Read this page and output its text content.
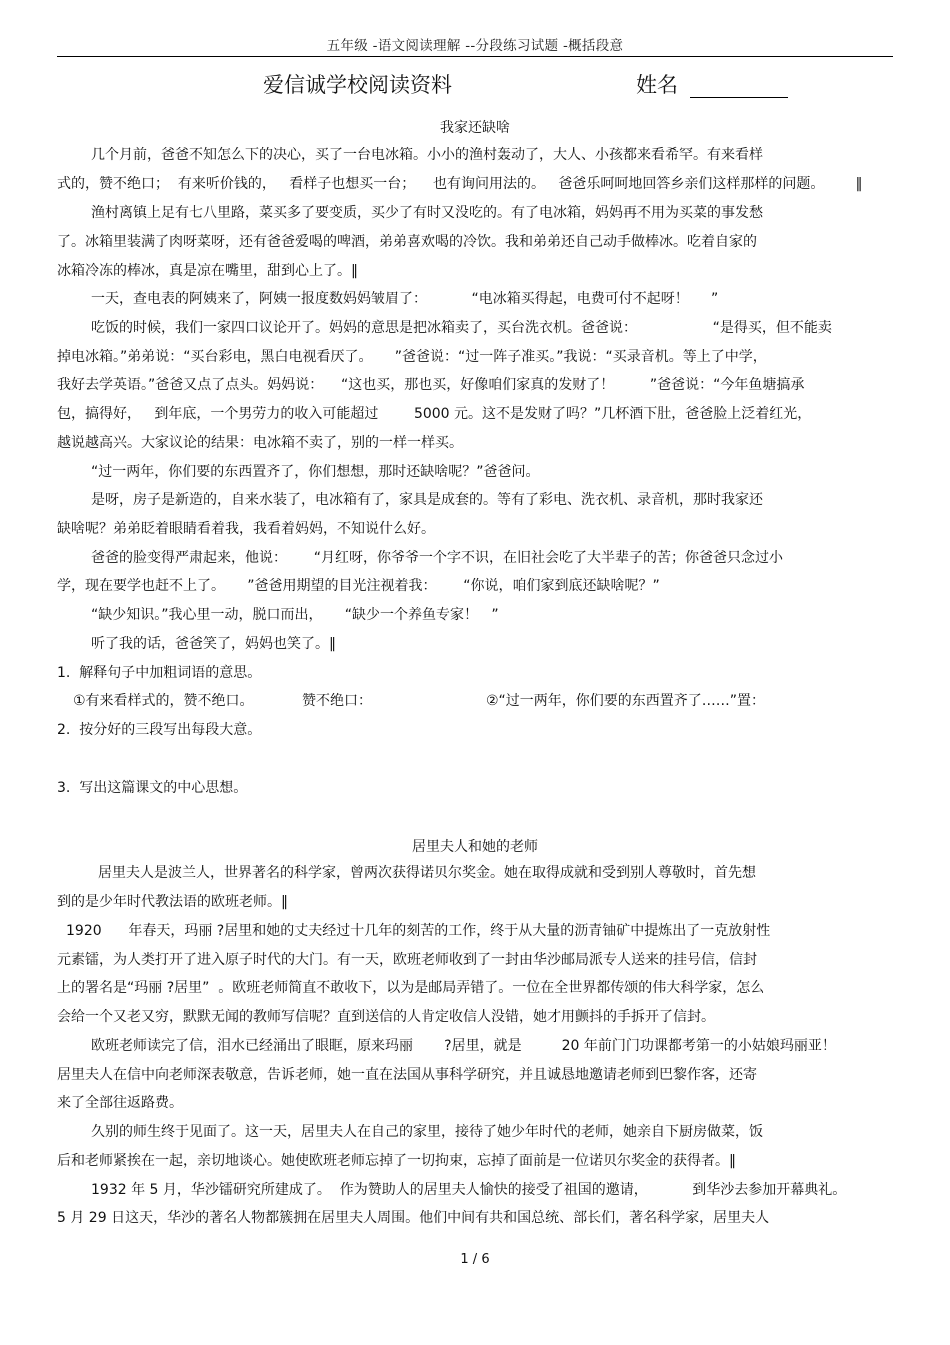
五年级 -语文阅读理解 --分段练习试题 -概括段意
爱信诚学校阅读资料	姓名
我家还缺啥
几个月前，爸爸不知怎么下的决心，买了一台电冰箱。小小的渔村轰动了，大人、小孩都来看希罕。有来看样
式的，赞不绝口；  有来听价钱的，   看样子也想买一台；    也有询问用法的。   爸爸乐呵呵地回答乡亲们这样那样的问题。       ‖
渔村离镇上足有七八里路，菜买多了要变质，买少了有时又没吃的。有了电冰箱，妈妈再不用为买菜的事发愁
了。冰箱里装满了肉呀菜呀，还有爸爸爱喝的啤酒，弟弟喜欢喝的冷饮。我和弟弟还自己动手做棒冰。吃着自家的
冰箱冷冻的棒冰，真是凉在嘴里，甜到心上了。‖
一天，查电表的阿姨来了，阿姨一报度数妈妈皱眉了：          “电冰箱买得起，电费可付不起呀！     ”
吃饭的时候，我们一家四口议论开了。妈妈的意思是把冰箱卖了，买台洗衣机。爸爸说：                 “是得买，但不能卖
掉电冰箱。”弟弟说：“买台彩电，黑白电视看厌了。     ”爸爸说：“过一阵子准买。”我说：“买录音机。等上了中学，
我好去学英语。”爸爸又点了点头。妈妈说：    “这也买，那也买，好像咱们家真的发财了！        ”爸爸说：“今年鱼塘搞承
包，搞得好，   到年底，一个男劳力的收入可能超过        5000 元。这不是发财了吗？”几杯酒下肚，爸爸脸上泛着红光，
越说越高兴。大家议论的结果：电冰箱不卖了，别的一样一样买。
“过一两年，你们要的东西置齐了，你们想想，那时还缺啥呢？”爸爸问。
是呀，房子是新造的，自来水装了，电冰箱有了，家具是成套的。等有了彩电、洗衣机、录音机，那时我家还
缺啥呢？弟弟眨着眼睛看着我，我看着妈妈，不知说什么好。
爸爸的脸变得严肃起来，他说：      “月红呀，你爷爷一个字不识，在旧社会吃了大半辈子的苦；你爸爸只念过小
学，现在要学也赶不上了。     ”爸爸用期望的目光注视着我：      “你说，咱们家到底还缺啥呢？”
“缺少知识。”我心里一动，脱口而出，     “缺少一个养鱼专家！   ”
听了我的话，爸爸笑了，妈妈也笑了。‖
1.  解释句子中加粗词语的意思。
①有来看样式的，赞不绝口。	赞不绝口：	②“过一两年，你们要的东西置齐了……”置：
2.  按分好的三段写出每段大意。
3.  写出这篇课文的中心思想。
居里夫人和她的老师
居里夫人是波兰人，世界著名的科学家，曾两次获得诺贝尔奖金。她在取得成就和受到别人尊敬时，首先想
到的是少年时代教法语的欧班老师。‖
1920      年春天，玛丽 ?居里和她的丈夫经过十几年的刻苦的工作，终于从大量的沥青铀矿中提炼出了一克放射性
元素镭，为人类打开了进入原子时代的大门。有一天，欧班老师收到了一封由华沙邮局派专人送来的挂号信，信封
上的署名是“玛丽 ?居里”  。欧班老师简直不敢收下，以为是邮局弄错了。一位在全世界都传颂的伟大科学家，怎么
会给一个又老又穷，默默无闻的教师写信呢？直到送信的人肯定收信人没错，她才用颤抖的手拆开了信封。
欧班老师读完了信，泪水已经涌出了眼眶，原来玛丽       ?居里，就是         20 年前门门功课都考第一的小姑娘玛丽亚！
居里夫人在信中向老师深表敬意，告诉老师，她一直在法国从事科学研究，并且诚恳地邀请老师到巴黎作客，还寄
来了全部往返路费。
久别的师生终于见面了。这一天，居里夫人在自己的家里，接待了她少年时代的老师，她亲自下厨房做菜，饭
后和老师紧挨在一起，亲切地谈心。她使欧班老师忘掉了一切拘束，忘掉了面前是一位诺贝尔奖金的获得者。‖
1932 年 5 月，华沙镭研究所建成了。  作为赞助人的居里夫人愉快的接受了祖国的邀请，          到华沙去参加开幕典礼。
5 月 29 日这天，华沙的著名人物都簇拥在居里夫人周围。他们中间有共和国总统、部长们，著名科学家，居里夫人
1 / 6
